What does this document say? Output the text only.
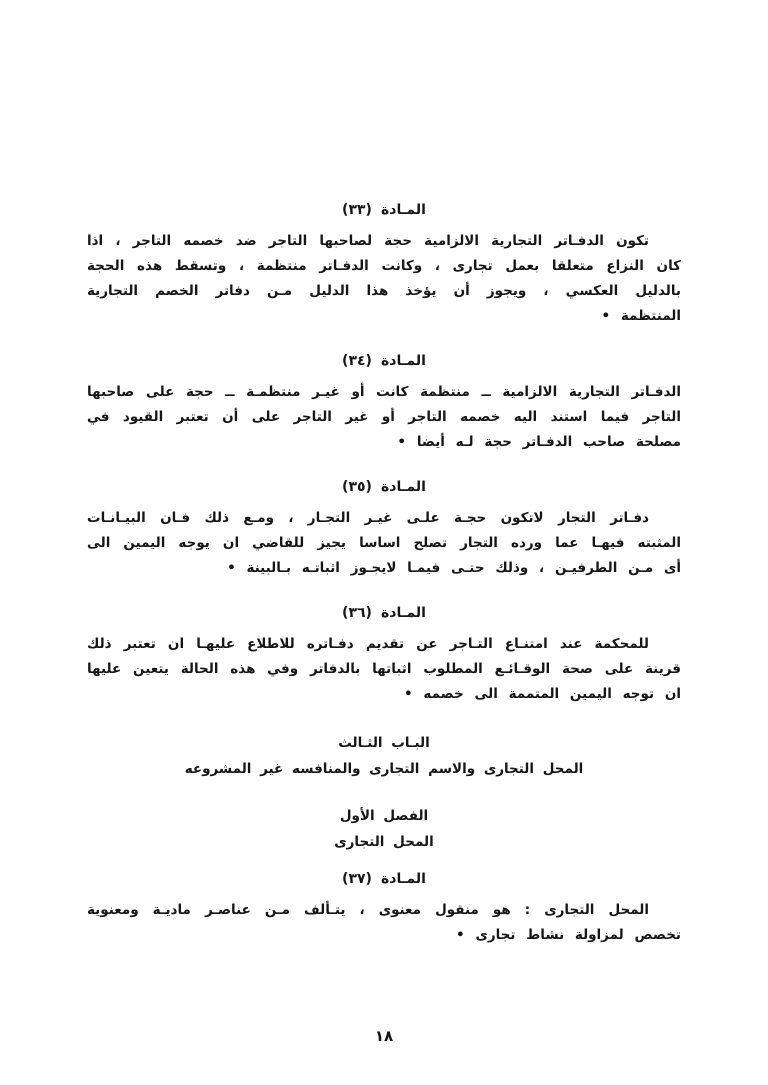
المـادة (٣٣)

تكون الدفـاتر التجارية الالزامية حجة لصاحبها التاجر ضد خصمه التاجر ، اذا كان النزاع متعلقا بعمل تجارى ، وكانت الدفـاتر منتظمة ، وتسقط هذه الحجة بالدليل العكسي ، ويجوز أن يؤخذ هذا الدليل مـن دفاتر الخصم التجارية المنتظمة •

المـادة (٣٤)

الدفـاتر التجارية الالزامية ــ منتظمة كانت أو غيـر منتظمـة ــ حجة على صاحبها التاجر فيما استند اليه خصمه التاجر أو غير التاجر على أن تعتبر القيود في مصلحة صاحب الدفـاتر حجة لـه أيضا •

المـادة (٣٥)

دفـاتر التجار لاتكون حجـة علـى غيـر التجـار ، ومـع ذلك فـان البيـانـات المثبته فيهـا عما ورده التجار تصلح اساسا يجيز للقاضي ان يوجه اليمين الى أى مـن الطرفيـن ، وذلك حتـى فيمـا لايجـوز اثباتـه بـالبينة •

المـادة (٣٦)

للمحكمة عند امتنـاع التـاجر عن تقديم دفـاتره للاطلاع عليهـا ان تعتبر ذلك قرينة على صحة الوقـائـع المطلوب اثباتها بالدفاتر وفي هذه الحالة يتعين عليها ان توجه اليمين المتممة الى خصمه •

البـاب الثـالث
المحل التجارى والاسم التجارى والمنافسه غير المشروعه
الفصل الأول
المحل التجارى
المـادة (٣٧)

المحل التجارى : هو منقول معنوى ، يتـألف مـن عناصـر ماديـة ومعنوية تخصص لمزاولة نشاط تجارى •

١٨
